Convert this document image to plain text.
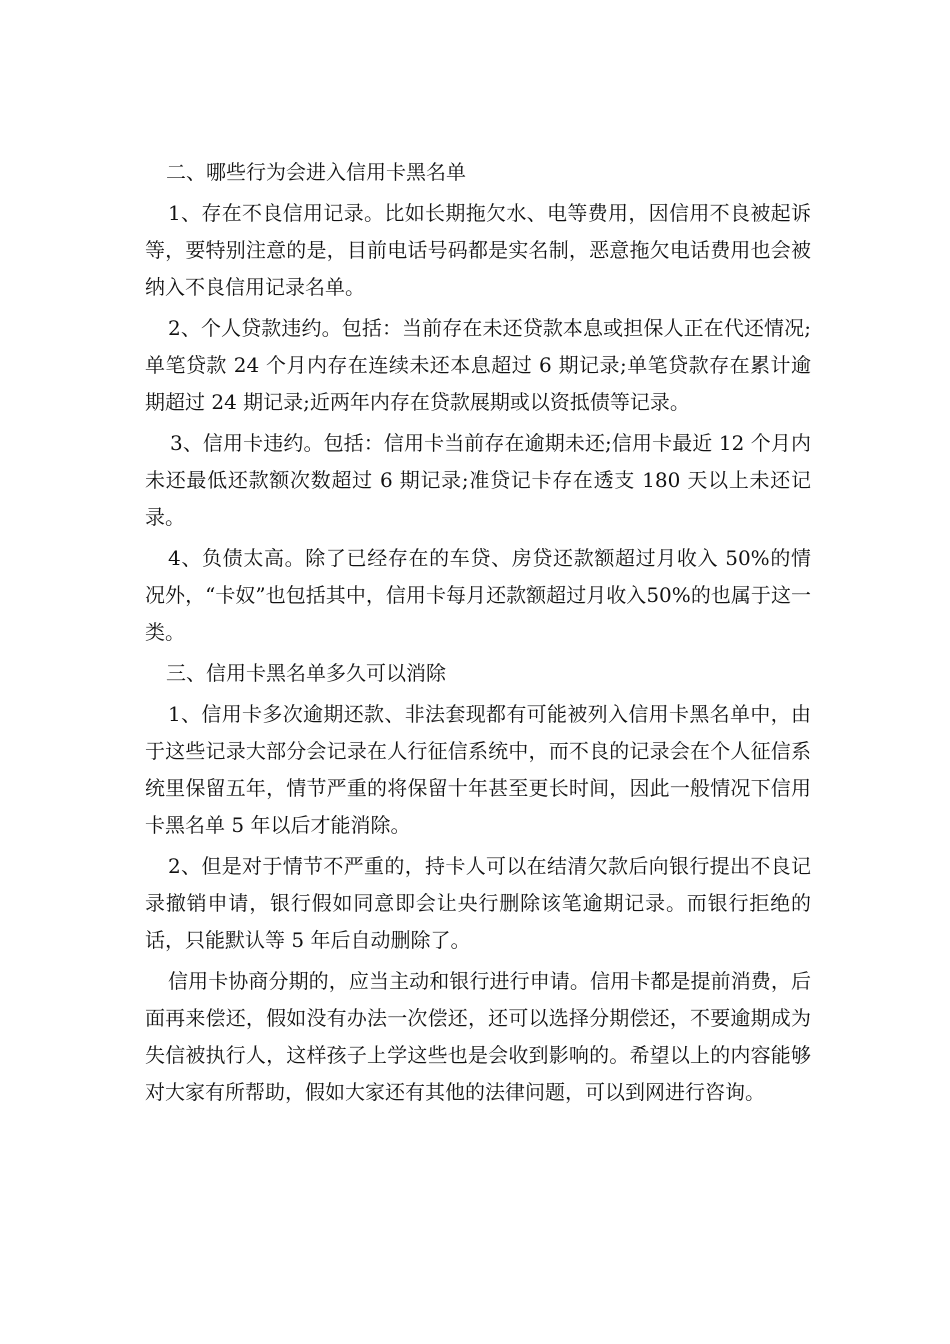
二、哪些行为会进入信用卡黑名单

1、存在不良信用记录。比如长期拖欠水、电等费用，因信用不良被起诉等，要特别注意的是，目前电话号码都是实名制，恶意拖欠电话费用也会被纳入不良信用记录名单。

2、个人贷款违约。包括：当前存在未还贷款本息或担保人正在代还情况;单笔贷款 24 个月内存在连续未还本息超过 6 期记录;单笔贷款存在累计逾期超过 24 期记录;近两年内存在贷款展期或以资抵债等记录。

3、信用卡违约。包括：信用卡当前存在逾期未还;信用卡最近 12 个月内未还最低还款额次数超过 6 期记录;准贷记卡存在透支 180 天以上未还记录。

4、负债太高。除了已经存在的车贷、房贷还款额超过月收入 50%的情况外，“卡奴”也包括其中，信用卡每月还款额超过月收入50%的也属于这一类。

三、信用卡黑名单多久可以消除

1、信用卡多次逾期还款、非法套现都有可能被列入信用卡黑名单中，由于这些记录大部分会记录在人行征信系统中，而不良的记录会在个人征信系统里保留五年，情节严重的将保留十年甚至更长时间，因此一般情况下信用卡黑名单 5 年以后才能消除。

2、但是对于情节不严重的，持卡人可以在结清欠款后向银行提出不良记录撤销申请，银行假如同意即会让央行删除该笔逾期记录。而银行拒绝的话，只能默认等 5 年后自动删除了。

信用卡协商分期的，应当主动和银行进行申请。信用卡都是提前消费，后面再来偿还，假如没有办法一次偿还，还可以选择分期偿还，不要逾期成为失信被执行人，这样孩子上学这些也是会收到影响的。希望以上的内容能够对大家有所帮助，假如大家还有其他的法律问题，可以到网进行咨询。
